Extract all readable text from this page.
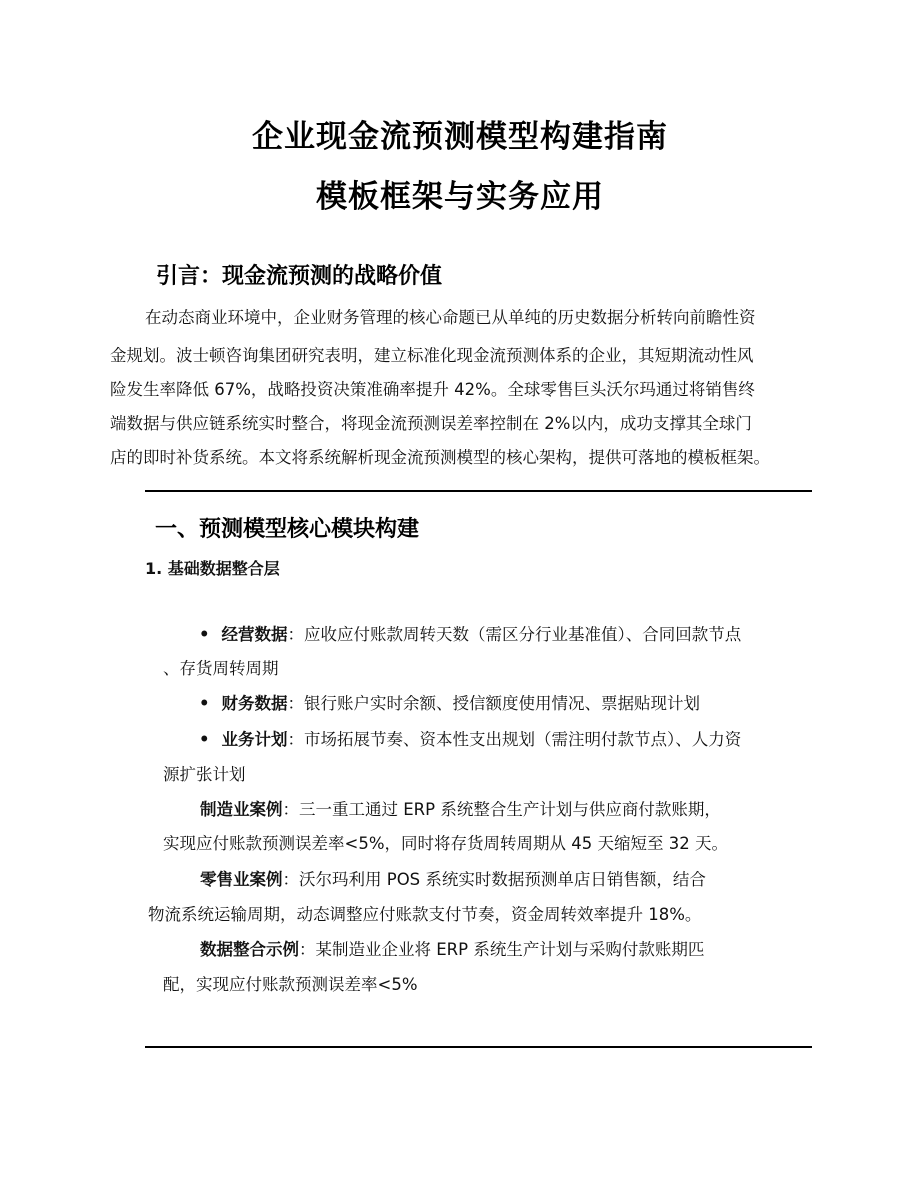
企业现金流预测模型构建指南
模板框架与实务应用
引言：现金流预测的战略价值
在动态商业环境中，企业财务管理的核心命题已从单纯的历史数据分析转向前瞻性资
金规划。波士顿咨询集团研究表明，建立标准化现金流预测体系的企业，其短期流动性风
险发生率降低 67%，战略投资决策准确率提升 42%。全球零售巨头沃尔玛通过将销售终
端数据与供应链系统实时整合，将现金流预测误差率控制在 2%以内，成功支撑其全球门
店的即时补货系统。本文将系统解析现金流预测模型的核心架构，提供可落地的模板框架。
一、预测模型核心模块构建
1. 基础数据整合层
• 经营数据：应收应付账款周转天数（需区分行业基准值）、合同回款节点
、存货周转周期
• 财务数据：银行账户实时余额、授信额度使用情况、票据贴现计划
• 业务计划：市场拓展节奏、资本性支出规划（需注明付款节点）、人力资
源扩张计划
制造业案例：三一重工通过 ERP 系统整合生产计划与供应商付款账期，
实现应付账款预测误差率<5%，同时将存货周转周期从 45 天缩短至 32 天。
零售业案例：沃尔玛利用 POS 系统实时数据预测单店日销售额，结合
物流系统运输周期，动态调整应付账款支付节奏，资金周转效率提升 18%。
数据整合示例：某制造业企业将 ERP 系统生产计划与采购付款账期匹
配，实现应付账款预测误差率<5%
